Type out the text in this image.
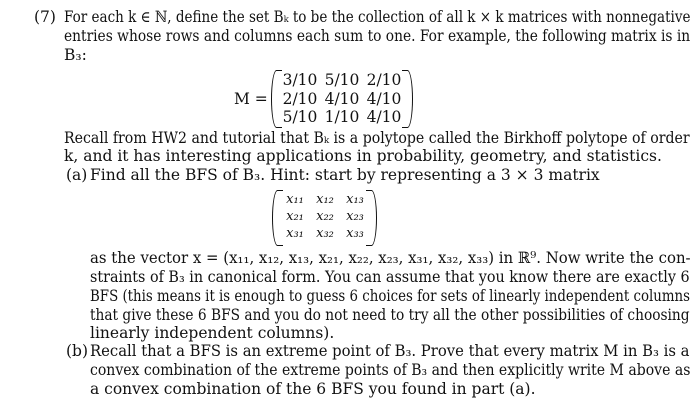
(7) For each k ∈ ℕ, define the set Bₖ to be the collection of all k × k matrices with nonnegative
entries whose rows and columns each sum to one. For example, the following matrix is in
B₃:
M =
3/10 5/10 2/10
2/10 4/10 4/10
5/10 1/10 4/10
Recall from HW2 and tutorial that Bₖ is a polytope called the Birkhoff polytope of order
k, and it has interesting applications in probability, geometry, and statistics.
(a) Find all the BFS of B₃. Hint: start by representing a 3 × 3 matrix
x₁₁ x₁₂ x₁₃
x₂₁ x₂₂ x₂₃
x₃₁ x₃₂ x₃₃
as the vector x = (x₁₁, x₁₂, x₁₃, x₂₁, x₂₂, x₂₃, x₃₁, x₃₂, x₃₃) in ℝ⁹. Now write the con-
straints of B₃ in canonical form. You can assume that you know there are exactly 6
BFS (this means it is enough to guess 6 choices for sets of linearly independent columns
that give these 6 BFS and you do not need to try all the other possibilities of choosing
linearly independent columns).
(b) Recall that a BFS is an extreme point of B₃. Prove that every matrix M in B₃ is a
convex combination of the extreme points of B₃ and then explicitly write M above as
a convex combination of the 6 BFS you found in part (a).
